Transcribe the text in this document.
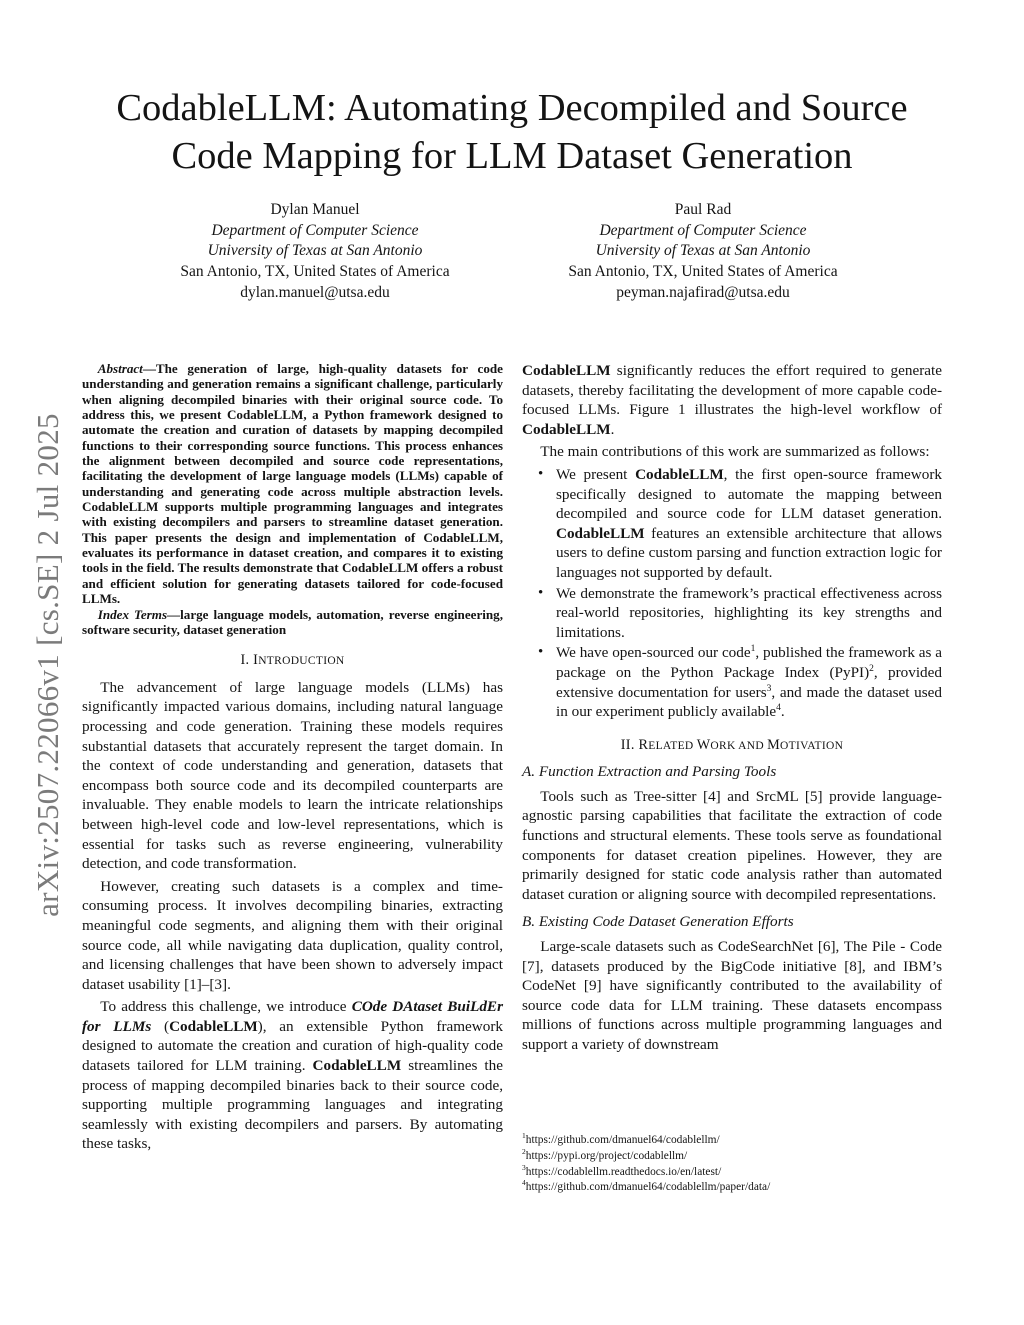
arXiv:2507.22066v1 [cs.SE] 2 Jul 2025
CodableLLM: Automating Decompiled and Source
Code Mapping for LLM Dataset Generation
Dylan Manuel
Department of Computer Science
University of Texas at San Antonio
San Antonio, TX, United States of America
dylan.manuel@utsa.edu
Paul Rad
Department of Computer Science
University of Texas at San Antonio
San Antonio, TX, United States of America
peyman.najafirad@utsa.edu

Abstract—The generation of large, high-quality datasets for code understanding and generation remains a significant challenge, particularly when aligning decompiled binaries with their original source code. To address this, we present CodableLLM, a Python framework designed to automate the creation and curation of datasets by mapping decompiled functions to their corresponding source functions. This process enhances the alignment between decompiled and source code representations, facilitating the development of large language models (LLMs) capable of understanding and generating code across multiple abstraction levels. CodableLLM supports multiple programming languages and integrates with existing decompilers and parsers to streamline dataset generation. This paper presents the design and implementation of CodableLLM, evaluates its performance in dataset creation, and compares it to existing tools in the field. The results demonstrate that CodableLLM offers a robust and efficient solution for generating datasets tailored for code-focused LLMs.

Index Terms—large language models, automation, reverse engineering, software security, dataset generation

I. INTRODUCTION

The advancement of large language models (LLMs) has significantly impacted various domains, including natural language processing and code generation. Training these models requires substantial datasets that accurately represent the target domain. In the context of code understanding and generation, datasets that encompass both source code and its decompiled counterparts are invaluable. They enable models to learn the intricate relationships between high-level code and low-level representations, which is essential for tasks such as reverse engineering, vulnerability detection, and code transformation.

However, creating such datasets is a complex and time-consuming process. It involves decompiling binaries, extracting meaningful code segments, and aligning them with their original source code, all while navigating data duplication, quality control, and licensing challenges that have been shown to adversely impact dataset usability [1]–[3].

To address this challenge, we introduce COde DAtaset BuiLdEr for LLMs (CodableLLM), an extensible Python framework designed to automate the creation and curation of high-quality code datasets tailored for LLM training. CodableLLM streamlines the process of mapping decompiled binaries back to their source code, supporting multiple programming languages and integrating seamlessly with existing decompilers and parsers. By automating these tasks,

CodableLLM significantly reduces the effort required to generate datasets, thereby facilitating the development of more capable code-focused LLMs. Figure 1 illustrates the high-level workflow of CodableLLM.

The main contributions of this work are summarized as follows:

• We present CodableLLM, the first open-source framework specifically designed to automate the mapping between decompiled and source code for LLM dataset generation. CodableLLM features an extensible architecture that allows users to define custom parsing and function extraction logic for languages not supported by default.
• We demonstrate the framework’s practical effectiveness across real-world repositories, highlighting its key strengths and limitations.
• We have open-sourced our code$^1$, published the framework as a package on the Python Package Index (PyPI)$^2$, provided extensive documentation for users$^3$, and made the dataset used in our experiment publicly available$^4$.
II. RELATED WORK AND MOTIVATION
A. Function Extraction and Parsing Tools

Tools such as Tree-sitter [4] and SrcML [5] provide language-agnostic parsing capabilities that facilitate the extraction of code functions and structural elements. These tools serve as foundational components for dataset creation pipelines. However, they are primarily designed for static code analysis rather than automated dataset curation or aligning source with decompiled representations.

B. Existing Code Dataset Generation Efforts

Large-scale datasets such as CodeSearchNet [6], The Pile - Code [7], datasets produced by the BigCode initiative [8], and IBM’s CodeNet [9] have significantly contributed to the availability of source code data for LLM training. These datasets encompass millions of functions across multiple programming languages and support a variety of downstream

$^1$https://github.com/dmanuel64/codablellm/
$^2$https://pypi.org/project/codablellm/
$^3$https://codablellm.readthedocs.io/en/latest/
$^4$https://github.com/dmanuel64/codablellm/paper/data/
